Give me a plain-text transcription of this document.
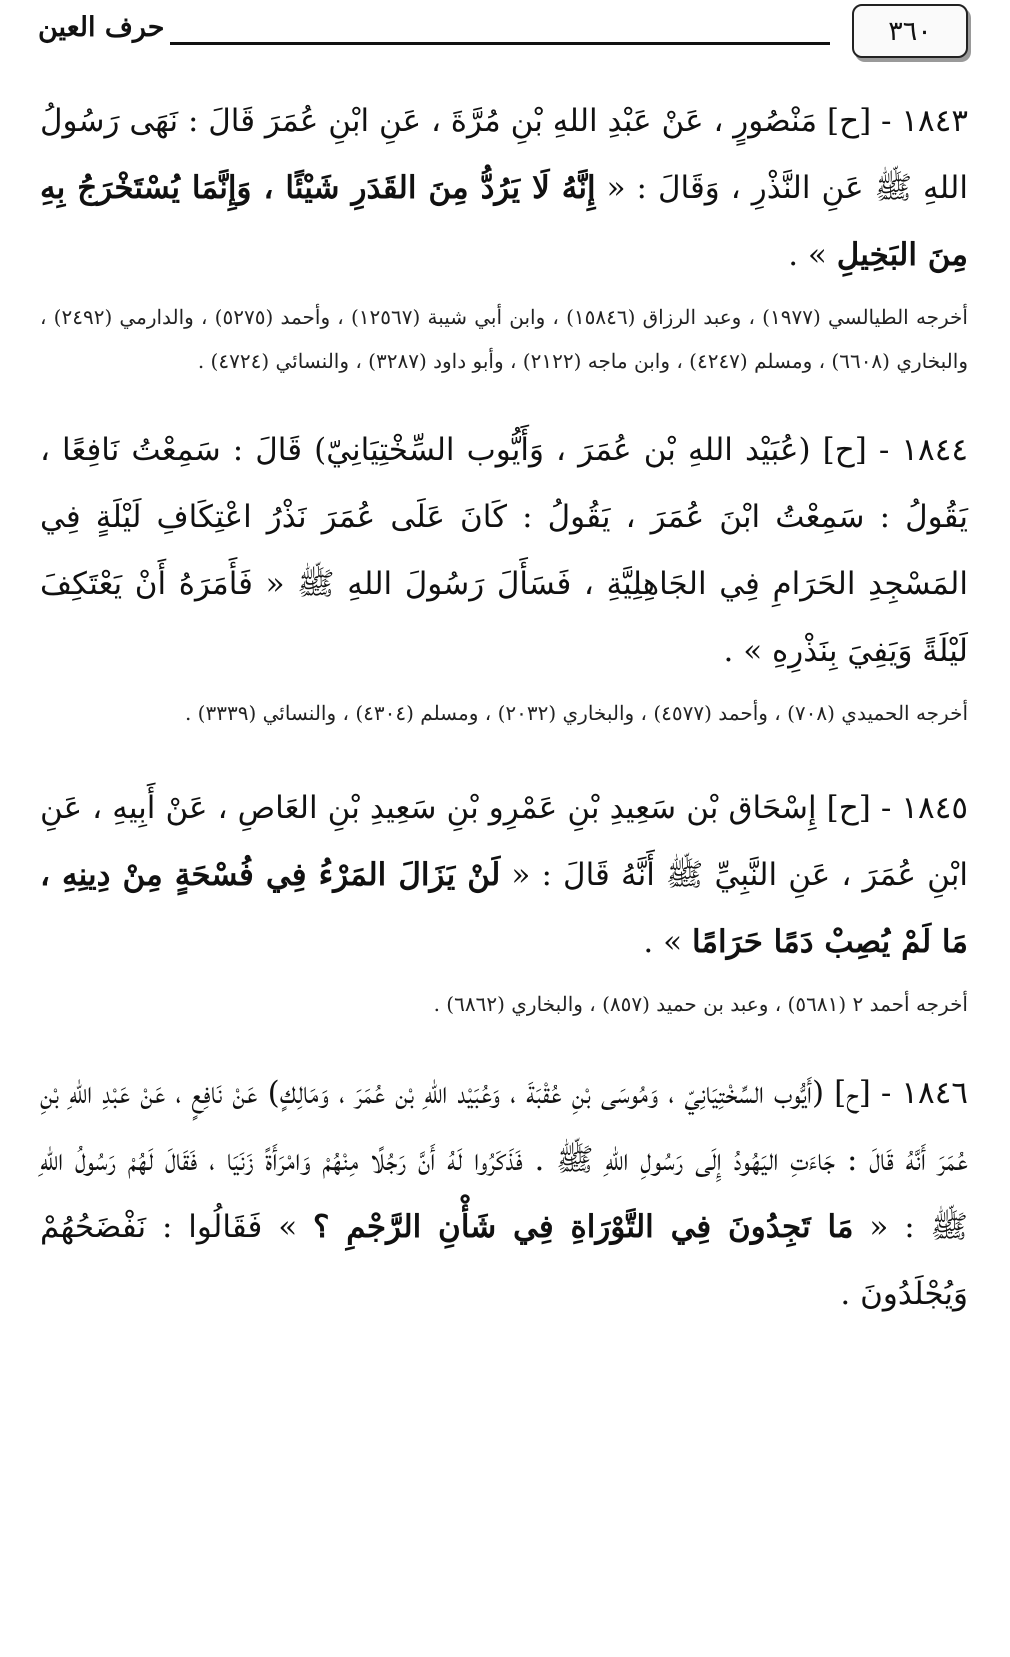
حرف العين	٣٦٠

١٨٤٣ - [ح] مَنْصُورٍ ، عَنْ عَبْدِ اللهِ بْنِ مُرَّةَ ، عَنِ ابْنِ عُمَرَ قَالَ : نَهَى رَسُولُ اللهِ ﷺ عَنِ النَّذْرِ ، وَقَالَ : « إِنَّهُ لَا يَرُدُّ مِنَ القَدَرِ شَيْئًا ، وَإِنَّمَا يُسْتَخْرَجُ بِهِ مِنَ البَخِيلِ » .

أخرجه الطيالسي (١٩٧٧) ، وعبد الرزاق (١٥٨٤٦) ، وابن أبي شيبة (١٢٥٦٧) ، وأحمد (٥٢٧٥) ، والدارمي (٢٤٩٢) ، والبخاري (٦٦٠٨) ، ومسلم (٤٢٤٧) ، وابن ماجه (٢١٢٢) ، وأبو داود (٣٢٨٧) ، والنسائي (٤٧٢٤) .

١٨٤٤ - [ح] (عُبَيْد اللهِ بْن عُمَرَ ، وَأَيُّوب السِّخْتِيَانِيّ) قَالَ : سَمِعْتُ نَافِعًا ، يَقُولُ : سَمِعْتُ ابْنَ عُمَرَ ، يَقُولُ : كَانَ عَلَى عُمَرَ نَذْرُ اعْتِكَافِ لَيْلَةٍ فِي المَسْجِدِ الحَرَامِ فِي الجَاهِلِيَّةِ ، فَسَأَلَ رَسُولَ اللهِ ﷺ « فَأَمَرَهُ أَنْ يَعْتَكِفَ لَيْلَةً وَيَفِيَ بِنَذْرِهِ » .

أخرجه الحميدي (٧٠٨) ، وأحمد (٤٥٧٧) ، والبخاري (٢٠٣٢) ، ومسلم (٤٣٠٤) ، والنسائي (٣٣٣٩) .

١٨٤٥ - [ح] إِسْحَاق بْن سَعِيدِ بْنِ عَمْرِو بْنِ سَعِيدِ بْنِ العَاصِ ، عَنْ أَبِيهِ ، عَنِ ابْنِ عُمَرَ ، عَنِ النَّبِيِّ ﷺ أَنَّهُ قَالَ : « لَنْ يَزَالَ المَرْءُ فِي فُسْحَةٍ مِنْ دِينِهِ ، مَا لَمْ يُصِبْ دَمًا حَرَامًا » .

أخرجه أحمد ٢ (٥٦٨١) ، وعبد بن حميد (٨٥٧) ، والبخاري (٦٨٦٢) .

١٨٤٦ - [ح] (أَيُّوب السِّخْتِيَانِيّ ، وَمُوسَى بْنِ عُقْبَةَ ، وَعُبَيْد اللهِ بْن عُمَرَ ، وَمَالِكٍ) عَنْ نَافِعٍ ، عَنْ عَبْدِ اللهِ بْنِ عُمَرَ أَنَّهُ قَالَ : جَاءَتِ اليَهُودُ إِلَى رَسُولِ اللهِ ﷺ . فَذَكَرُوا لَهُ أَنَّ رَجُلًا مِنْهُمْ وَامْرَأَةً زَنَيَا ، فَقَالَ لَهُمْ رَسُولُ اللهِ ﷺ : « مَا تَجِدُونَ فِي التَّوْرَاةِ فِي شَأْنِ الرَّجْمِ ؟ » فَقَالُوا : نَفْضَحُهُمْ وَيُجْلَدُونَ .
